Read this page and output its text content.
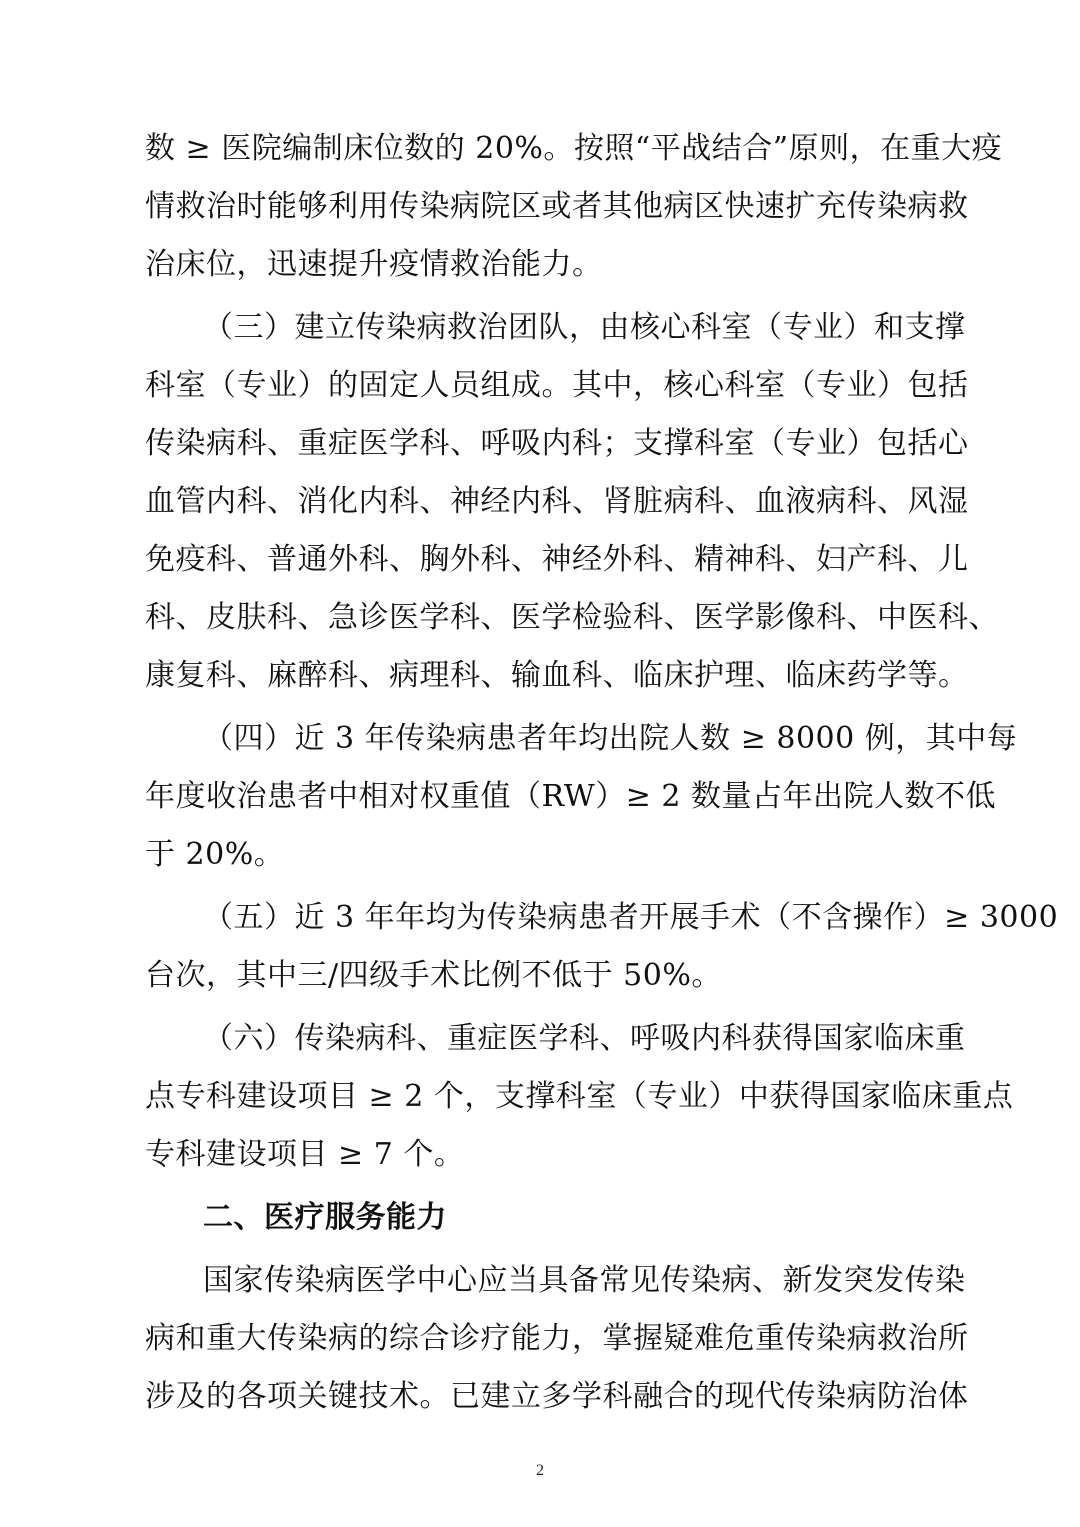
数 ≥ 医院编制床位数的 20%。按照“平战结合”原则，在重大疫
情救治时能够利用传染病院区或者其他病区快速扩充传染病救
治床位，迅速提升疫情救治能力。
（三）建立传染病救治团队，由核心科室（专业）和支撑
科室（专业）的固定人员组成。其中，核心科室（专业）包括
传染病科、重症医学科、呼吸内科；支撑科室（专业）包括心
血管内科、消化内科、神经内科、肾脏病科、血液病科、风湿
免疫科、普通外科、胸外科、神经外科、精神科、妇产科、儿
科、皮肤科、急诊医学科、医学检验科、医学影像科、中医科、
康复科、麻醉科、病理科、输血科、临床护理、临床药学等。
（四）近 3 年传染病患者年均出院人数 ≥ 8000 例，其中每
年度收治患者中相对权重值（RW）≥ 2 数量占年出院人数不低
于 20%。
（五）近 3 年年均为传染病患者开展手术（不含操作）≥ 3000
台次，其中三/四级手术比例不低于 50%。
（六）传染病科、重症医学科、呼吸内科获得国家临床重
点专科建设项目 ≥ 2 个，支撑科室（专业）中获得国家临床重点
专科建设项目 ≥ 7 个。
二、医疗服务能力
国家传染病医学中心应当具备常见传染病、新发突发传染
病和重大传染病的综合诊疗能力，掌握疑难危重传染病救治所
涉及的各项关键技术。已建立多学科融合的现代传染病防治体
2
